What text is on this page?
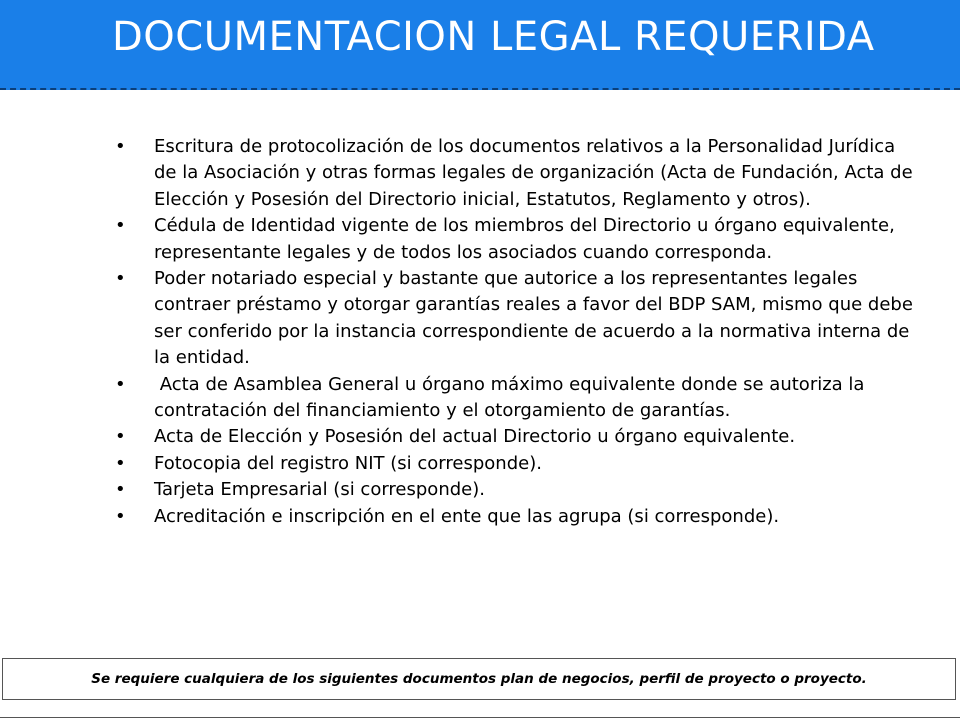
DOCUMENTACION LEGAL REQUERIDA
• Escritura de protocolización de los documentos relativos a la Personalidad Jurídica de la Asociación y otras formas legales de organización (Acta de Fundación, Acta de Elección y Posesión del Directorio inicial, Estatutos, Reglamento y otros).
• Cédula de Identidad vigente de los miembros del Directorio u órgano equivalente, representante legales y de todos los asociados cuando corresponda.
• Poder notariado especial y bastante que autorice a los representantes legales contraer préstamo y otorgar garantías reales a favor del BDP SAM, mismo que debe ser conferido por la instancia correspondiente de acuerdo a la normativa interna de la entidad.
• Acta de Asamblea General u órgano máximo equivalente donde se autoriza la contratación del financiamiento y el otorgamiento de garantías.
• Acta de Elección y Posesión del actual Directorio u órgano equivalente.
• Fotocopia del registro NIT (si corresponde).
• Tarjeta Empresarial (si corresponde).
• Acreditación e inscripción en el ente que las agrupa (si corresponde).
Se requiere cualquiera de los siguientes documentos plan de negocios, perfil de proyecto o proyecto.
